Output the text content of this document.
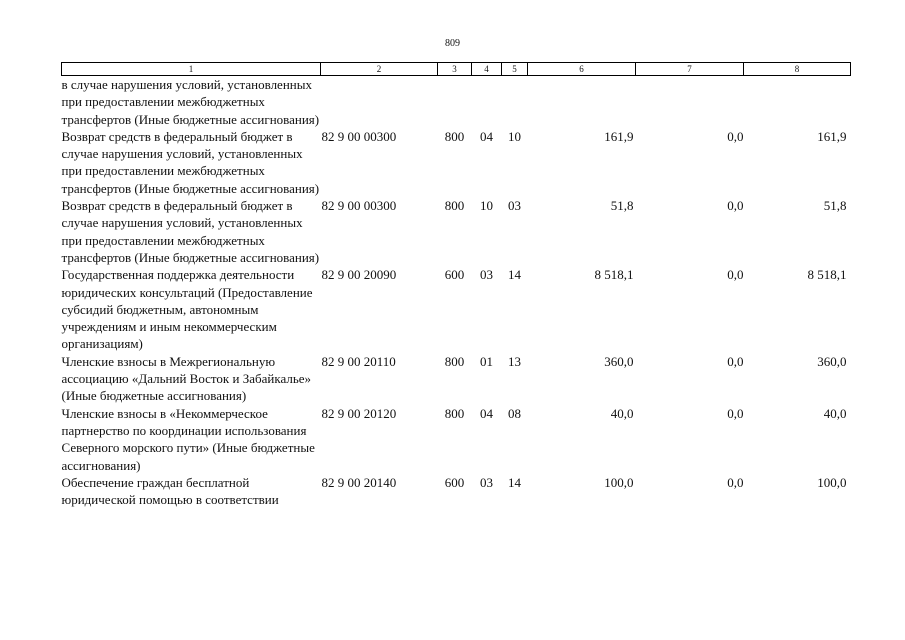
809
1	2	3	4	5	6	7	8
в случае нарушения условий, установленных при предоставлении межбюджетных трансфертов (Иные бюджетные ассигнования)							
Возврат средств в федеральный бюджет в случае нарушения условий, установленных при предоставлении межбюджетных трансфертов (Иные бюджетные ассигнования)	82 9 00 00300	800	04	10	161,9	0,0	161,9
Возврат средств в федеральный бюджет в случае нарушения условий, установленных при предоставлении межбюджетных трансфертов (Иные бюджетные ассигнования)	82 9 00 00300	800	10	03	51,8	0,0	51,8
Государственная поддержка деятельности юридических консультаций (Предоставление субсидий бюджетным, автономным учреждениям и иным некоммерческим организациям)	82 9 00 20090	600	03	14	8 518,1	0,0	8 518,1
Членские взносы в Межрегиональную ассоциацию «Дальний Восток и Забайкалье» (Иные бюджетные ассигнования)	82 9 00 20110	800	01	13	360,0	0,0	360,0
Членские взносы в «Некоммерческое партнерство по координации использования Северного морского пути» (Иные бюджетные ассигнования)	82 9 00 20120	800	04	08	40,0	0,0	40,0
Обеспечение граждан бесплатной юридической помощью в соответствии	82 9 00 20140	600	03	14	100,0	0,0	100,0
